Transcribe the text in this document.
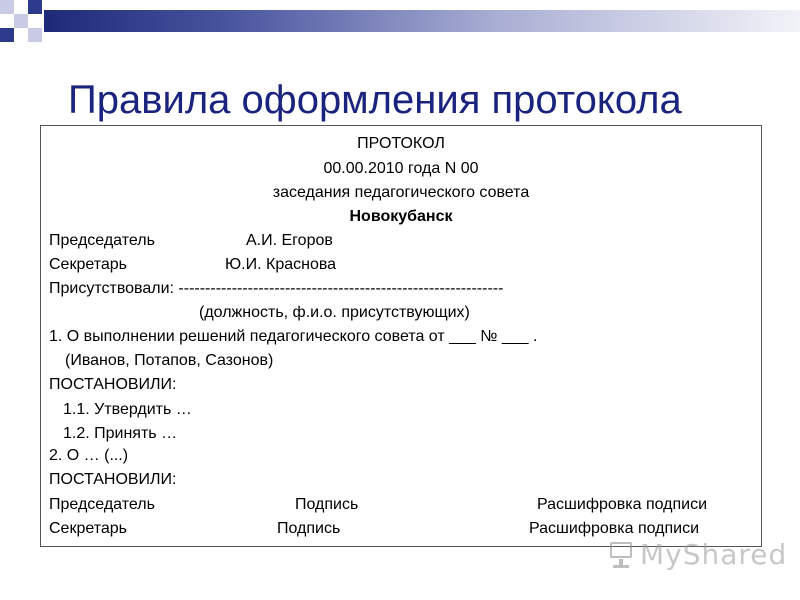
Правила оформления протокола
ПРОТОКОЛ
00.00.2010 года N 00
заседания педагогического совета
Новокубанск
Председатель	А.И. Егоров
Секретарь	Ю.И. Краснова
Присутствовали: -------------------------------------------------------------
(должность, ф.и.о. присутствующих)
1. О выполнении решений педагогического совета от ___ № ___ .
(Иванов, Потапов, Сазонов)
ПОСТАНОВИЛИ:
1.1. Утвердить …
1.2. Принять …
2. О … (...)
ПОСТАНОВИЛИ:
Председатель	Подпись	Расшифровка подписи
Секретарь	Подпись	Расшифровка подписи
MyShared
